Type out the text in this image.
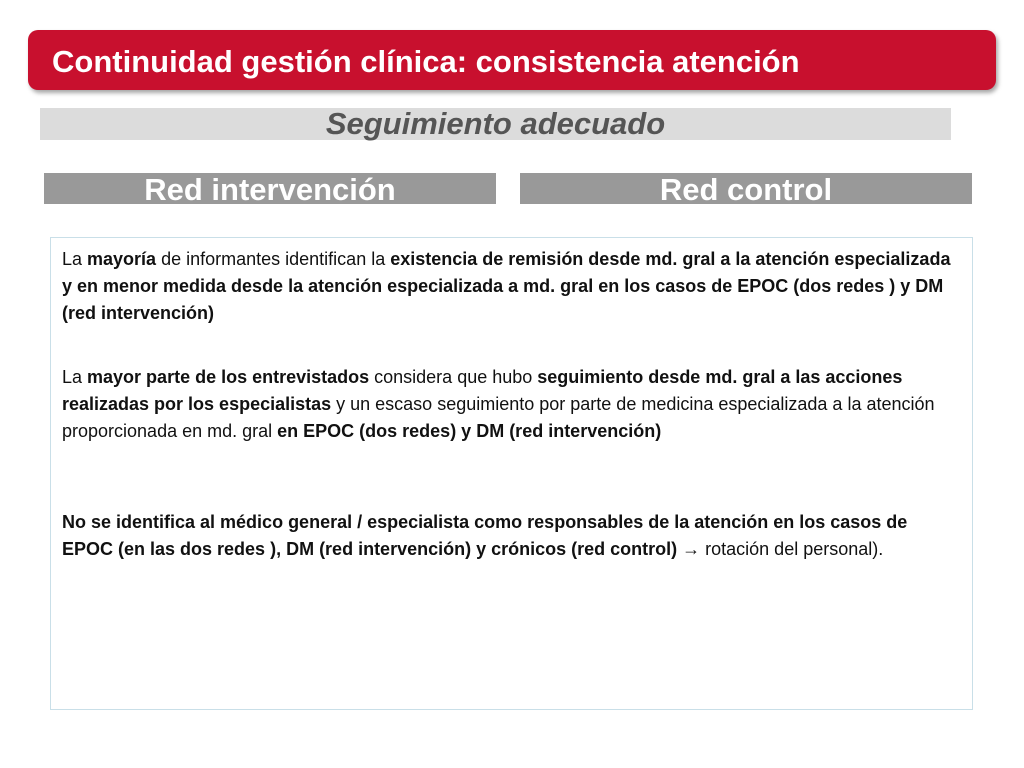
Continuidad gestión clínica: consistencia atención
Seguimiento adecuado
Red intervención	Red control

La mayoría de informantes identifican la existencia de remisión desde md. gral a la atención especializada y en menor medida desde la atención especializada a md. gral en los casos de EPOC (dos redes ) y DM (red intervención)

La mayor parte de los entrevistados considera que hubo seguimiento desde md. gral a las acciones realizadas por los especialistas y un escaso seguimiento por parte de medicina especializada a la atención proporcionada en md. gral en EPOC (dos redes) y DM (red intervención)

No se identifica al médico general / especialista como responsables de la atención en los casos de EPOC (en las dos redes ), DM (red intervención) y crónicos (red control) → rotación del personal).
